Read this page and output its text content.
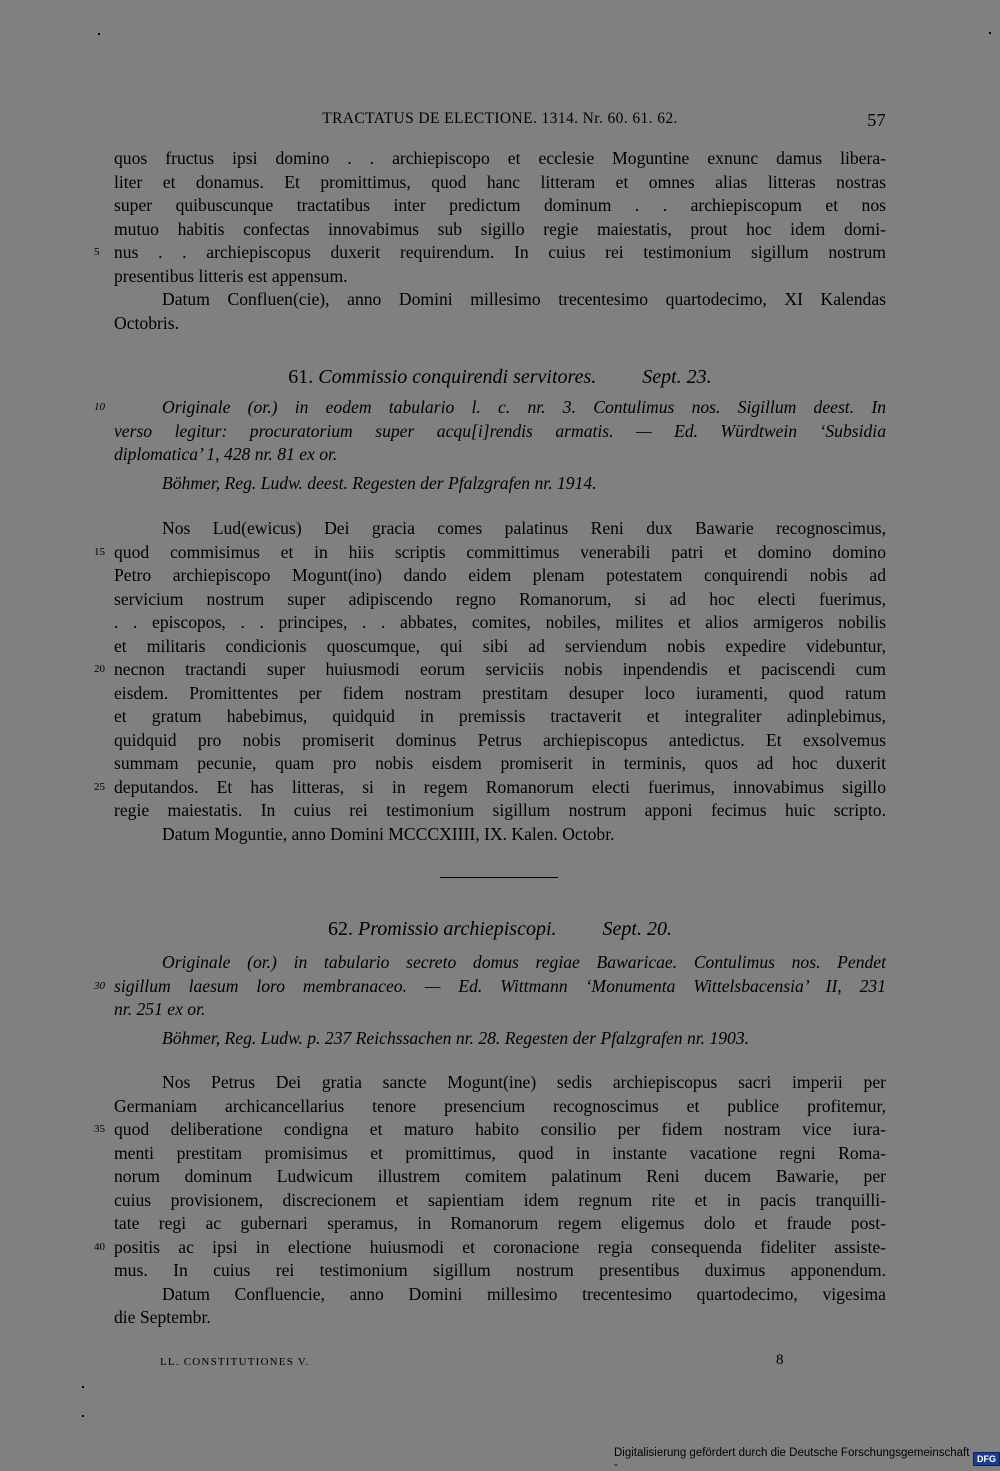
TRACTATUS DE ELECTIONE. 1314. Nr. 60. 61. 62.	57
quos fructus ipsi domino . . archiepiscopo et ecclesie Moguntine exnunc damus libera-
liter et donamus. Et promittimus, quod hanc litteram et omnes alias litteras nostras
super quibuscunque tractatibus inter predictum dominum . . archiepiscopum et nos
mutuo habitis confectas innovabimus sub sigillo regie maiestatis, prout hoc idem domi-
nus . . archiepiscopus duxerit requirendum. In cuius rei testimonium sigillum nostrum
5
presentibus litteris est appensum.
Datum Confluen(cie), anno Domini millesimo trecentesimo quartodecimo, XI Kalendas
Octobris.
61. Commissio conquirendi servitores. Sept. 23.
Originale (or.) in eodem tabulario l. c. nr. 3. Contulimus nos. Sigillum deest. In
10
verso legitur: procuratorium super acqu[i]rendis armatis. — Ed. Würdtwein ‘Subsidia
diplomatica’ 1, 428 nr. 81 ex or.
Böhmer, Reg. Ludw. deest. Regesten der Pfalzgrafen nr. 1914.
Nos Lud(ewicus) Dei gracia comes palatinus Reni dux Bawarie recognoscimus,
quod commisimus et in hiis scriptis committimus venerabili patri et domino domino
15
Petro archiepiscopo Mogunt(ino) dando eidem plenam potestatem conquirendi nobis ad
servicium nostrum super adipiscendo regno Romanorum, si ad hoc electi fuerimus,
. . episcopos, . . principes, . . abbates, comites, nobiles, milites et alios armigeros nobilis
et militaris condicionis quoscumque, qui sibi ad serviendum nobis expedire videbuntur,
necnon tractandi super huiusmodi eorum serviciis nobis inpendendis et paciscendi cum
20
eisdem. Promittentes per fidem nostram prestitam desuper loco iuramenti, quod ratum
et gratum habebimus, quidquid in premissis tractaverit et integraliter adinplebimus,
quidquid pro nobis promiserit dominus Petrus archiepiscopus antedictus. Et exsolvemus
summam pecunie, quam pro nobis eisdem promiserit in terminis, quos ad hoc duxerit
deputandos. Et has litteras, si in regem Romanorum electi fuerimus, innovabimus sigillo
25
regie maiestatis. In cuius rei testimonium sigillum nostrum apponi fecimus huic scripto.
Datum Moguntie, anno Domini MCCCXIIII, IX. Kalen. Octobr.
62. Promissio archiepiscopi. Sept. 20.
Originale (or.) in tabulario secreto domus regiae Bawaricae. Contulimus nos. Pendet
sigillum laesum loro membranaceo. — Ed. Wittmann ‘Monumenta Wittelsbacensia’ II, 231
30
nr. 251 ex or.
Böhmer, Reg. Ludw. p. 237 Reichssachen nr. 28. Regesten der Pfalzgrafen nr. 1903.
Nos Petrus Dei gratia sancte Mogunt(ine) sedis archiepiscopus sacri imperii per
Germaniam archicancellarius tenore presencium recognoscimus et publice profitemur,
quod deliberatione condigna et maturo habito consilio per fidem nostram vice iura-
35
menti prestitam promisimus et promittimus, quod in instante vacatione regni Roma-
norum dominum Ludwicum illustrem comitem palatinum Reni ducem Bawarie, per
cuius provisionem, discrecionem et sapientiam idem regnum rite et in pacis tranquilli-
tate regi ac gubernari speramus, in Romanorum regem eligemus dolo et fraude post-
positis ac ipsi in electione huiusmodi et coronacione regia consequenda fideliter assiste-
40
mus. In cuius rei testimonium sigillum nostrum presentibus duximus apponendum.
Datum Confluencie, anno Domini millesimo trecentesimo quartodecimo, vigesima
die Septembr.
LL. CONSTITUTIONES V.	8
Digitalisierung gefördert durch die Deutsche Forschungsgemeinschaft -	DFG
